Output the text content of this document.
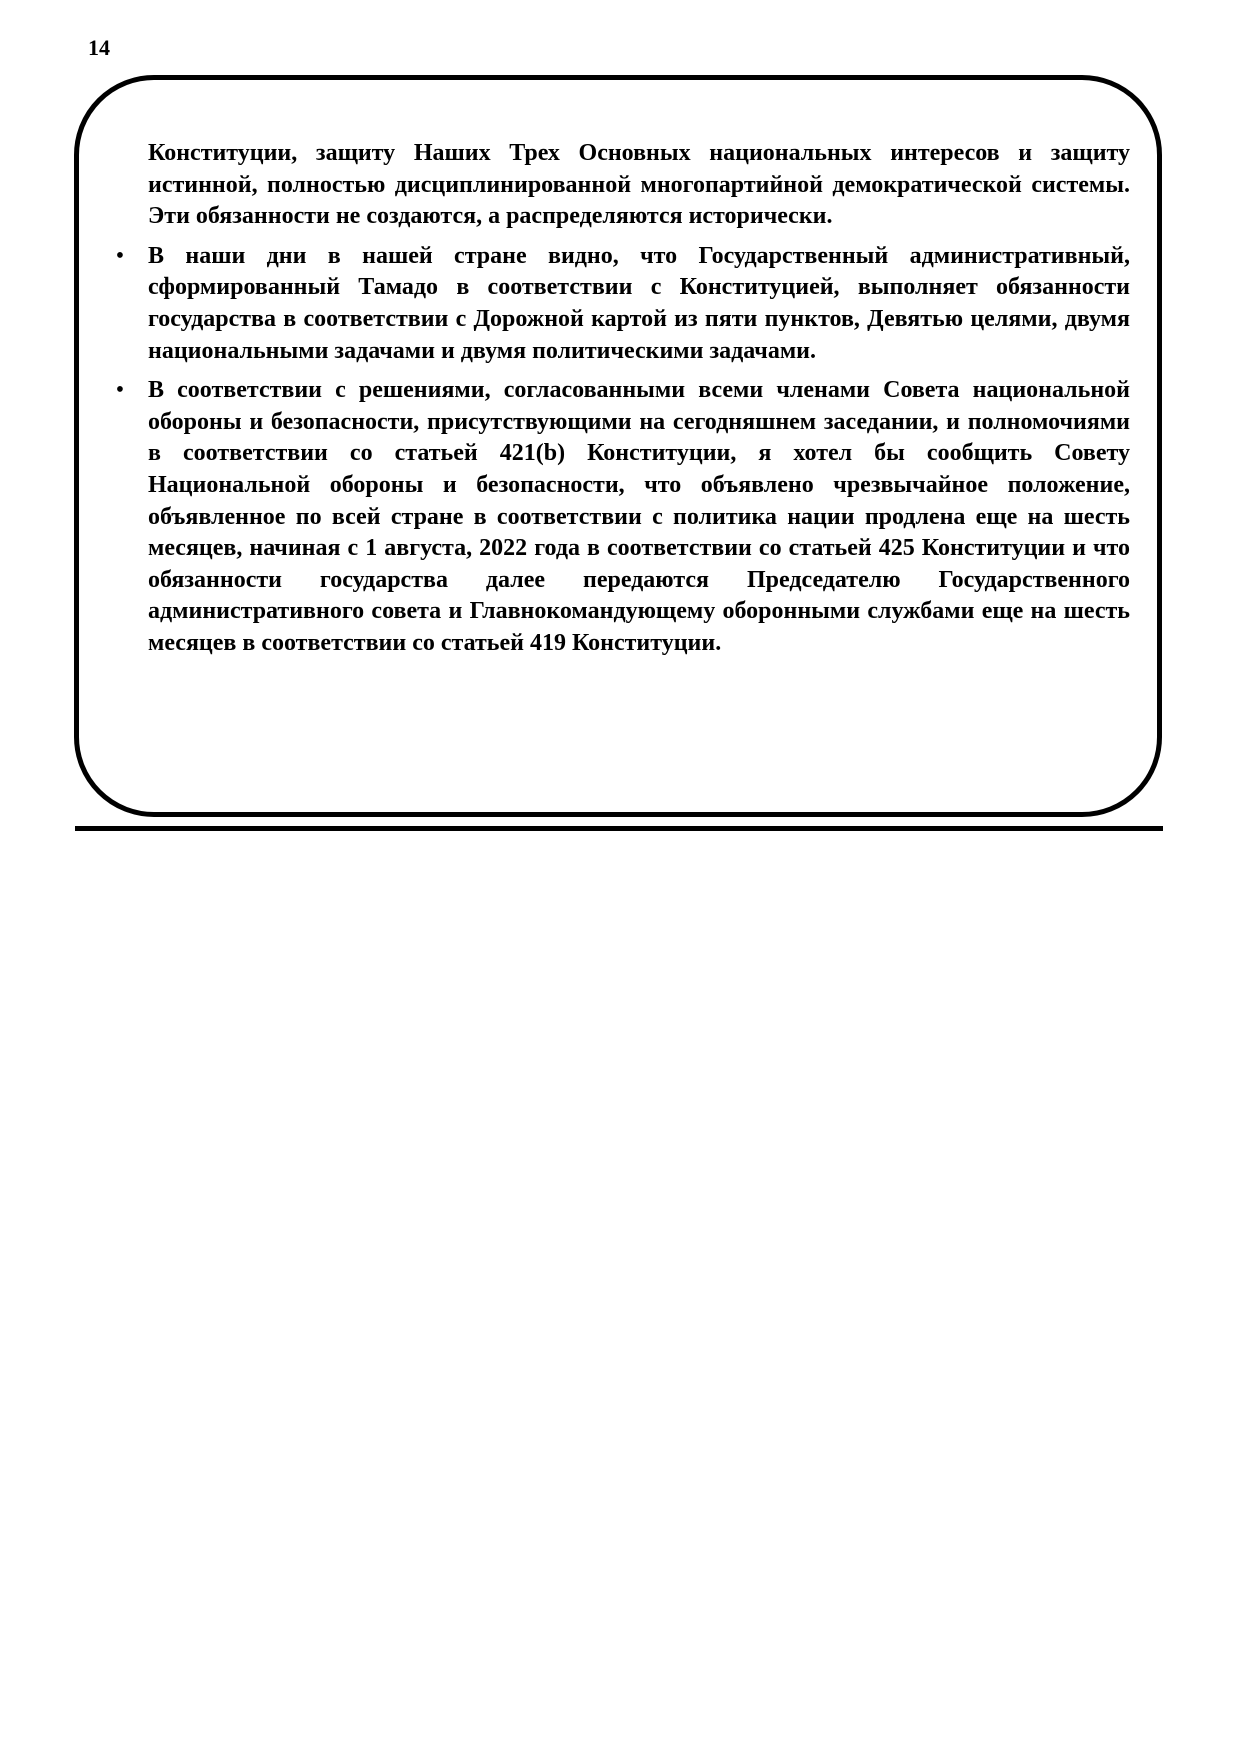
14

Конституции, защиту Наших Трех Основных национальных интересов и защиту истинной, полностью дисциплинированной многопартийной демократической системы. Эти обязанности не создаются, а распределяются исторически.

• В наши дни в нашей стране видно, что Государственный административный, сформированный Тамадо в соответствии с Конституцией, выполняет обязанности государства в соответствии с Дорожной картой из пяти пунктов, Девятью целями, двумя национальными задачами и двумя политическими задачами.

• В соответствии с решениями, согласованными всеми членами Совета национальной обороны и безопасности, присутствующими на сегодняшнем заседании, и полномочиями в соответствии со статьей 421(b) Конституции, я хотел бы сообщить Совету Национальной обороны и безопасности, что объявлено чрезвычайное положение, объявленное по всей стране в соответствии с политика нации продлена еще на шесть месяцев, начиная с 1 августа, 2022 года в соответствии со статьей 425 Конституции и что обязанности государства далее передаются Председателю Государственного административного совета и Главнокомандующему оборонными службами еще на шесть месяцев в соответствии со статьей 419 Конституции.
